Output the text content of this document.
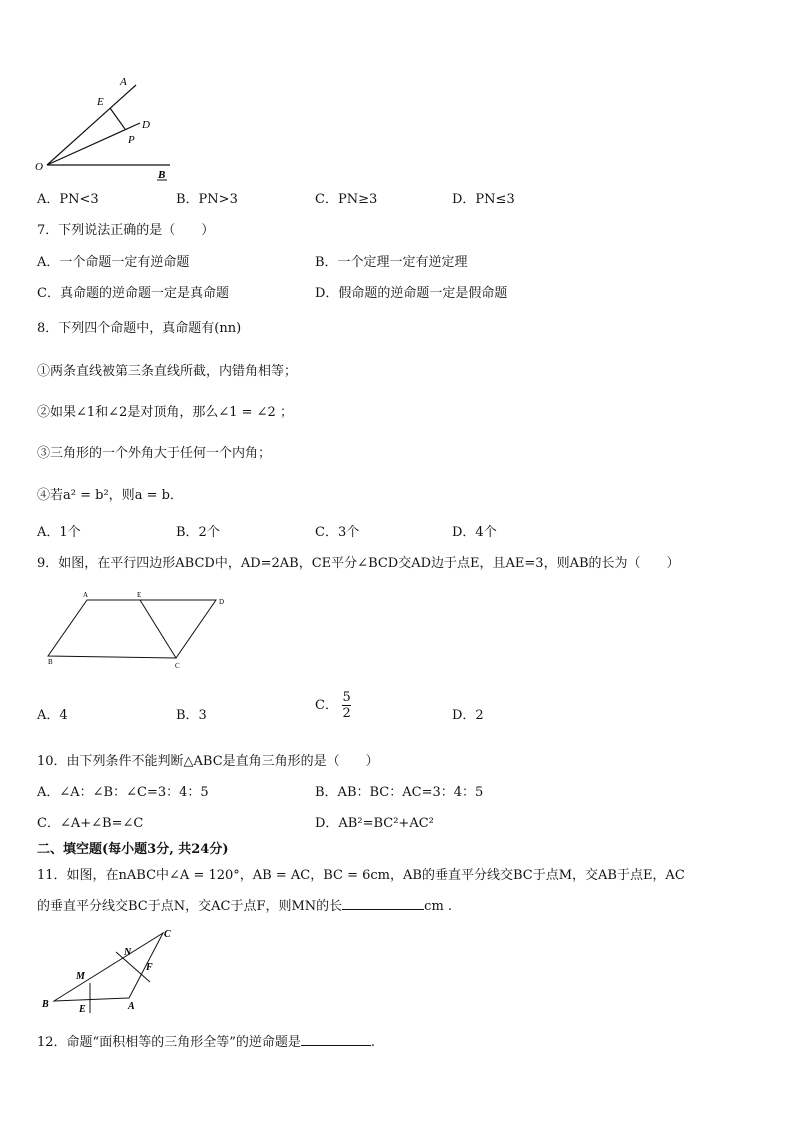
A
E
D
P
O
B
A．PN<3	B．PN>3	C．PN≥3	D．PN≤3
7．下列说法正确的是（　　）
A．一个命题一定有逆命题	B．一个定理一定有逆定理
C．真命题的逆命题一定是真命题	D．假命题的逆命题一定是假命题
8．下列四个命题中，真命题有(nn)
①两条直线被第三条直线所截，内错角相等；
②如果∠1和∠2是对顶角，那么∠1 = ∠2 ；
③三角形的一个外角大于任何一个内角；
④若a² = b²，则a = b．
A．1个	B．2个	C．3个	D．4个
9．如图，在平行四边形ABCD中，AD=2AB，CE平分∠BCD交AD边于点E，且AE=3，则AB的长为（　　）
A	E
D
B	C
A．4	B．3
C． $\frac{5}{2}$	D．2
10．由下列条件不能判断△ABC是直角三角形的是（　　）
A．∠A：∠B：∠C=3：4：5	B．AB：BC：AC=3：4：5
C．∠A+∠B=∠C	D．AB²=BC²+AC²
二、填空题(每小题3分, 共24分)
11．如图，在nABC中∠A = 120°，AB = AC，BC = 6cm，AB的垂直平分线交BC于点M，交AB于点E，AC
的垂直平分线交BC于点N，交AC于点F，则MN的长	cm .
C
N
F
M
B	E	A
12．命题“面积相等的三角形全等”的逆命题是	.
